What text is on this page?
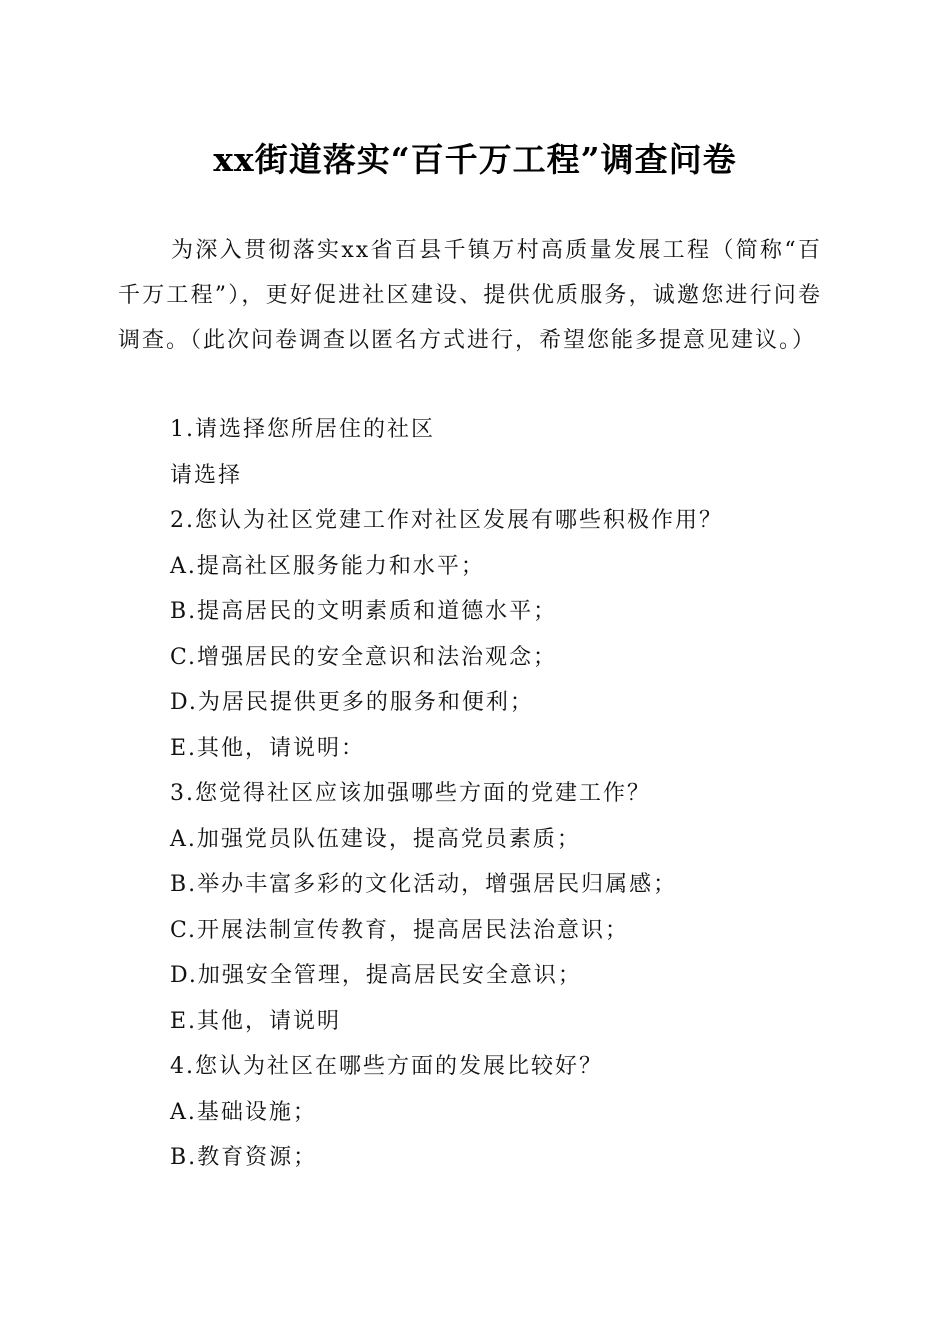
xx街道落实“百千万工程”调查问卷

为深入贯彻落实xx省百县千镇万村高质量发展工程（简称“百千万工程”），更好促进社区建设、提供优质服务，诚邀您进行问卷调查。（此次问卷调查以匿名方式进行，希望您能多提意见建议。）

1.请选择您所居住的社区
请选择
2.您认为社区党建工作对社区发展有哪些积极作用？
A.提高社区服务能力和水平；
B.提高居民的文明素质和道德水平；
C.增强居民的安全意识和法治观念；
D.为居民提供更多的服务和便利；
E.其他，请说明：
3.您觉得社区应该加强哪些方面的党建工作？
A.加强党员队伍建设，提高党员素质；
B.举办丰富多彩的文化活动，增强居民归属感；
C.开展法制宣传教育，提高居民法治意识；
D.加强安全管理，提高居民安全意识；
E.其他，请说明
4.您认为社区在哪些方面的发展比较好？
A.基础设施；
B.教育资源；
